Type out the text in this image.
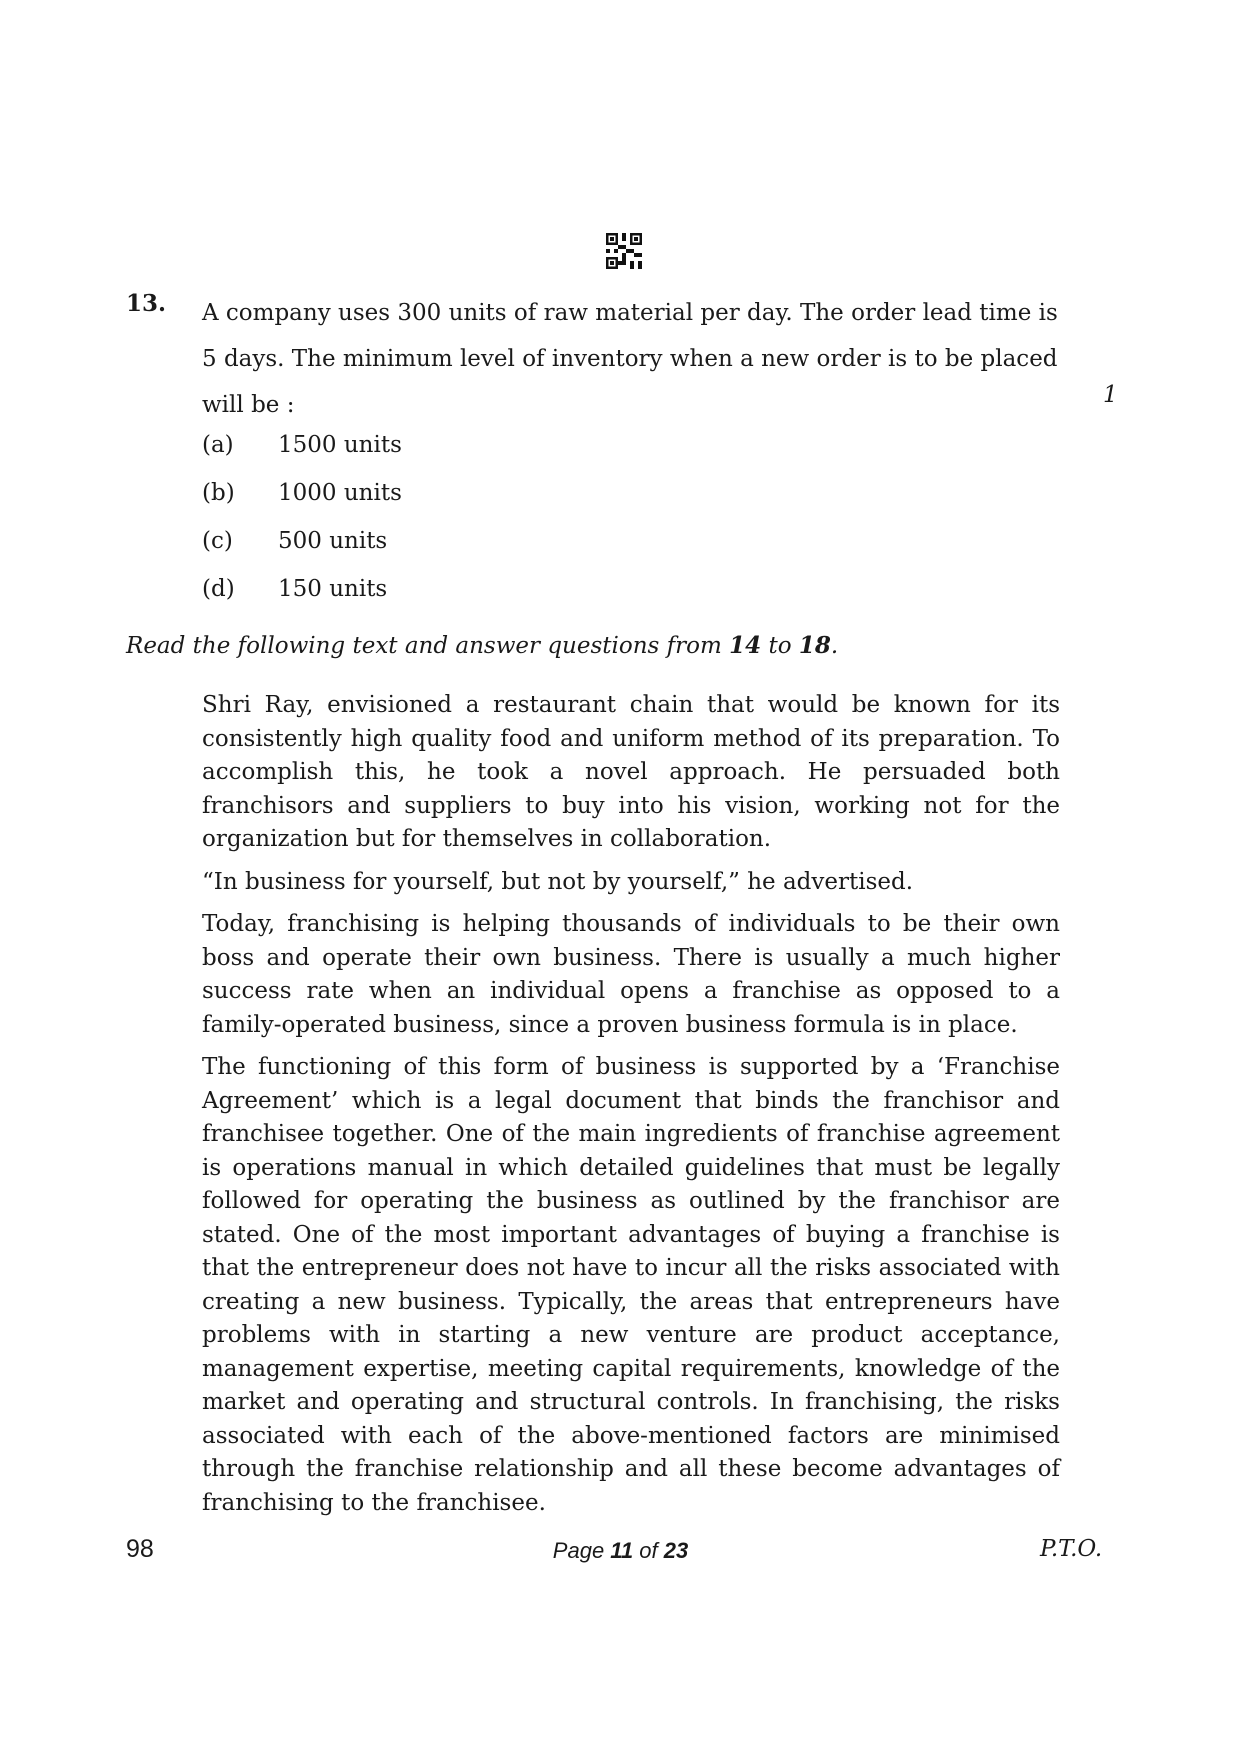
13. A company uses 300 units of raw material per day. The order lead time is
5 days. The minimum level of inventory when a new order is to be placed
will be :	1
(a) 1500 units
(b) 1000 units
(c) 500 units
(d) 150 units
Read the following text and answer questions from 14 to 18.

Shri Ray, envisioned a restaurant chain that would be known for its consistently high quality food and uniform method of its preparation. To accomplish this, he took a novel approach. He persuaded both franchisors and suppliers to buy into his vision, working not for the organization but for themselves in collaboration.

“In business for yourself, but not by yourself,” he advertised.

Today, franchising is helping thousands of individuals to be their own boss and operate their own business. There is usually a much higher success rate when an individual opens a franchise as opposed to a family-operated business, since a proven business formula is in place.

The functioning of this form of business is supported by a ‘Franchise Agreement’ which is a legal document that binds the franchisor and franchisee together. One of the main ingredients of franchise agreement is operations manual in which detailed guidelines that must be legally followed for operating the business as outlined by the franchisor are stated. One of the most important advantages of buying a franchise is that the entrepreneur does not have to incur all the risks associated with creating a new business. Typically, the areas that entrepreneurs have problems with in starting a new venture are product acceptance, management expertise, meeting capital requirements, knowledge of the market and operating and structural controls. In franchising, the risks associated with each of the above-mentioned factors are minimised through the franchise relationship and all these become advantages of franchising to the franchisee.

98	Page 11 of 23	P.T.O.
